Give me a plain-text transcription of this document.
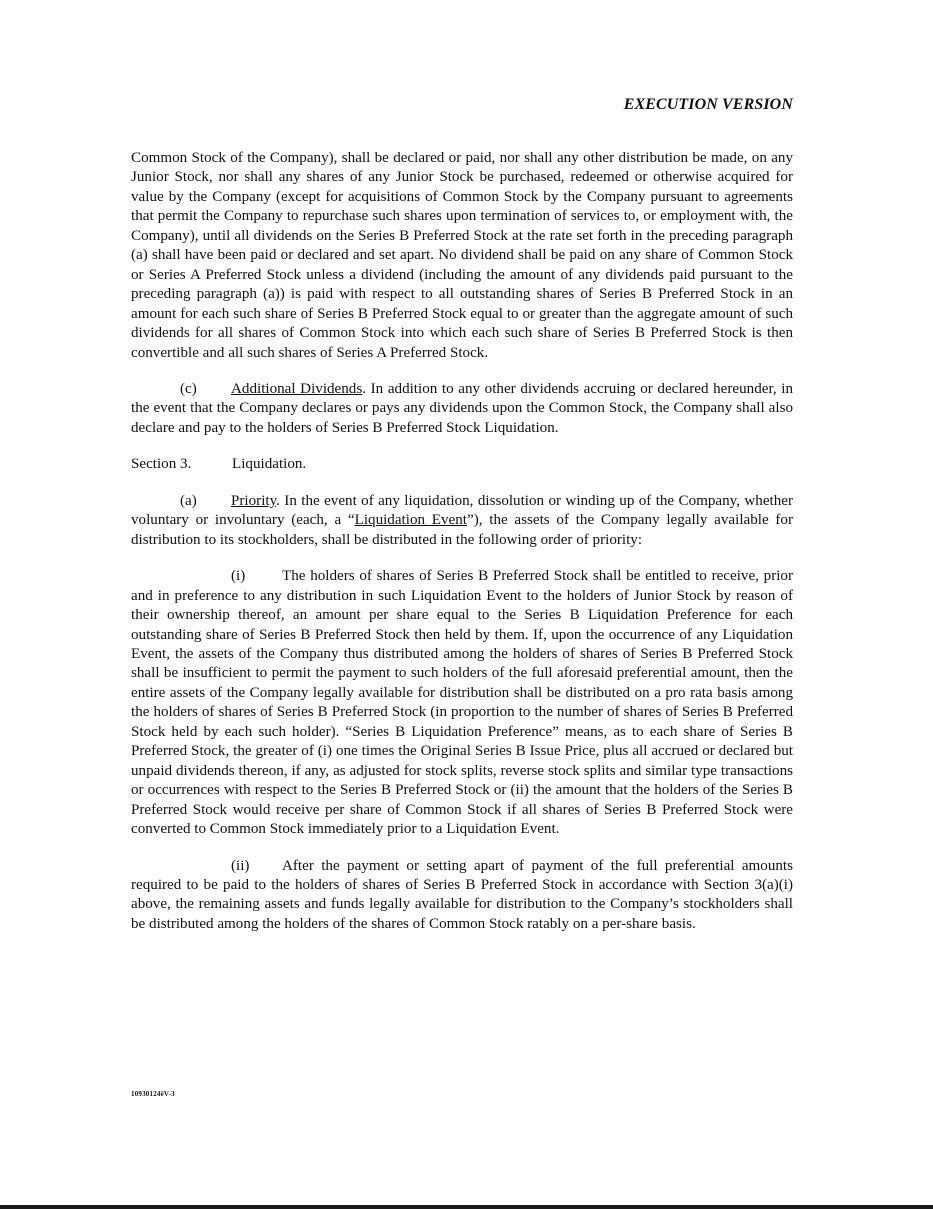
EXECUTION VERSION

Common Stock of the Company), shall be declared or paid, nor shall any other distribution be made, on any Junior Stock, nor shall any shares of any Junior Stock be purchased, redeemed or otherwise acquired for value by the Company (except for acquisitions of Common Stock by the Company pursuant to agreements that permit the Company to repurchase such shares upon termination of services to, or employment with, the Company), until all dividends on the Series B Preferred Stock at the rate set forth in the preceding paragraph (a) shall have been paid or declared and set apart. No dividend shall be paid on any share of Common Stock or Series A Preferred Stock unless a dividend (including the amount of any dividends paid pursuant to the preceding paragraph (a)) is paid with respect to all outstanding shares of Series B Preferred Stock in an amount for each such share of Series B Preferred Stock equal to or greater than the aggregate amount of such dividends for all shares of Common Stock into which each such share of Series B Preferred Stock is then convertible and all such shares of Series A Preferred Stock.

(c) Additional Dividends. In addition to any other dividends accruing or declared hereunder, in the event that the Company declares or pays any dividends upon the Common Stock, the Company shall also declare and pay to the holders of Series B Preferred Stock Liquidation.

Section 3.	Liquidation.

(a) Priority. In the event of any liquidation, dissolution or winding up of the Company, whether voluntary or involuntary (each, a “Liquidation Event”), the assets of the Company legally available for distribution to its stockholders, shall be distributed in the following order of priority:

(i) The holders of shares of Series B Preferred Stock shall be entitled to receive, prior and in preference to any distribution in such Liquidation Event to the holders of Junior Stock by reason of their ownership thereof, an amount per share equal to the Series B Liquidation Preference for each outstanding share of Series B Preferred Stock then held by them. If, upon the occurrence of any Liquidation Event, the assets of the Company thus distributed among the holders of shares of Series B Preferred Stock shall be insufficient to permit the payment to such holders of the full aforesaid preferential amount, then the entire assets of the Company legally available for distribution shall be distributed on a pro rata basis among the holders of shares of Series B Preferred Stock (in proportion to the number of shares of Series B Preferred Stock held by each such holder). “Series B Liquidation Preference” means, as to each share of Series B Preferred Stock, the greater of (i) one times the Original Series B Issue Price, plus all accrued or declared but unpaid dividends thereon, if any, as adjusted for stock splits, reverse stock splits and similar type transactions or occurrences with respect to the Series B Preferred Stock or (ii) the amount that the holders of the Series B Preferred Stock would receive per share of Common Stock if all shares of Series B Preferred Stock were converted to Common Stock immediately prior to a Liquidation Event.

(ii) After the payment or setting apart of payment of the full preferential amounts required to be paid to the holders of shares of Series B Preferred Stock in accordance with Section 3(a)(i) above, the remaining assets and funds legally available for distribution to the Company’s stockholders shall be distributed among the holders of the shares of Common Stock ratably on a per-share basis.

10930124ëV-3
